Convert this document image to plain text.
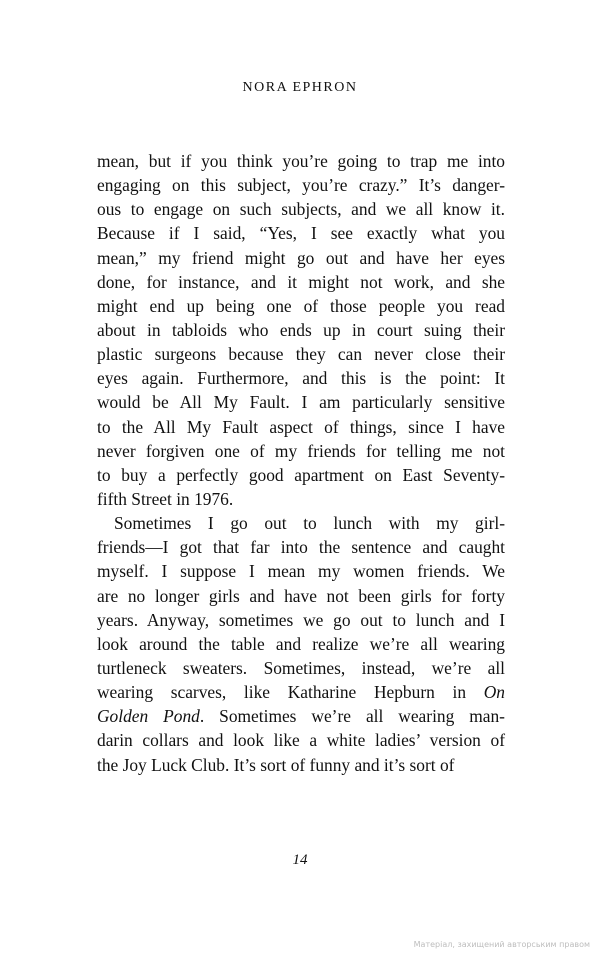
NORA EPHRON
mean, but if you think you’re going to trap me into
engaging on this subject, you’re crazy.” It’s danger-
ous to engage on such subjects, and we all know it.
Because if I said, “Yes, I see exactly what you
mean,” my friend might go out and have her eyes
done, for instance, and it might not work, and she
might end up being one of those people you read
about in tabloids who ends up in court suing their
plastic surgeons because they can never close their
eyes again. Furthermore, and this is the point: It
would be All My Fault. I am particularly sensitive
to the All My Fault aspect of things, since I have
never forgiven one of my friends for telling me not
to buy a perfectly good apartment on East Seventy-
fifth Street in 1976.
Sometimes I go out to lunch with my girl-
friends—I got that far into the sentence and caught
myself. I suppose I mean my women friends. We
are no longer girls and have not been girls for forty
years. Anyway, sometimes we go out to lunch and I
look around the table and realize we’re all wearing
turtleneck sweaters. Sometimes, instead, we’re all
wearing scarves, like Katharine Hepburn in On
Golden Pond. Sometimes we’re all wearing man-
darin collars and look like a white ladies’ version of
the Joy Luck Club. It’s sort of funny and it’s sort of
14
Матеріал, захищений авторським правом
